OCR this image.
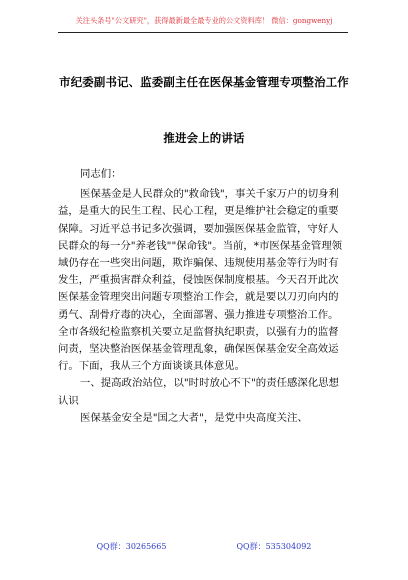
关注头条号"公文研究"，获得最新最全最专业的公文资料库！ 微信：gongwenyj
市纪委副书记、监委副主任在医保基金管理专项整治工作
推进会上的讲话

同志们：

医保基金是人民群众的"救命钱"，事关千家万户的切身利益，是重大的民生工程、民心工程，更是维护社会稳定的重要保障。习近平总书记多次强调，要加强医保基金监管，守好人民群众的每一分"养老钱""保命钱"。当前，*市医保基金管理领域仍存在一些突出问题，欺诈骗保、违规使用基金等行为时有发生，严重损害群众利益，侵蚀医保制度根基。今天召开此次医保基金管理突出问题专项整治工作会，就是要以刀刃向内的勇气、刮骨疗毒的决心，全面部署、强力推进专项整治工作。全市各级纪检监察机关要立足监督执纪职责，以强有力的监督问责，坚决整治医保基金管理乱象，确保医保基金安全高效运行。下面，我从三个方面谈谈具体意见。

一、提高政治站位，以"时时放心不下"的责任感深化思想认识

医保基金安全是"国之大者"，是党中央高度关注、

QQ群：30265665	QQ群：535304092
